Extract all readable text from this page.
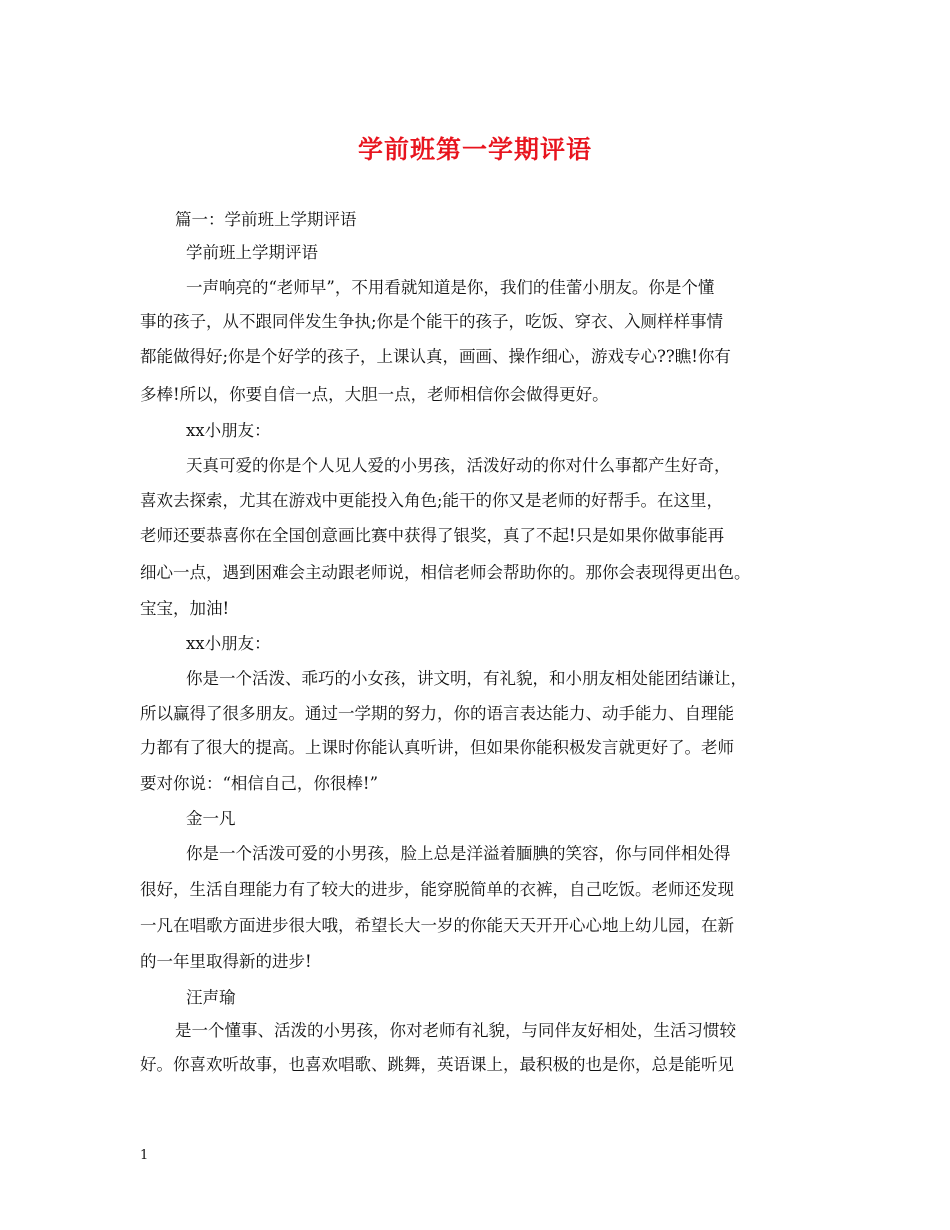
学前班第一学期评语

篇一：学前班上学期评语

学前班上学期评语

一声响亮的“老师早”，不用看就知道是你，我们的佳蕾小朋友。你是个懂

事的孩子，从不跟同伴发生争执;你是个能干的孩子，吃饭、穿衣、入厕样样事情

都能做得好;你是个好学的孩子，上课认真，画画、操作细心，游戏专心??瞧!你有

多棒!所以，你要自信一点，大胆一点，老师相信你会做得更好。

xx小朋友：

天真可爱的你是个人见人爱的小男孩，活泼好动的你对什么事都产生好奇，

喜欢去探索，尤其在游戏中更能投入角色;能干的你又是老师的好帮手。在这里，

老师还要恭喜你在全国创意画比赛中获得了银奖，真了不起!只是如果你做事能再

细心一点，遇到困难会主动跟老师说，相信老师会帮助你的。那你会表现得更出色。

宝宝，加油!

xx小朋友：

你是一个活泼、乖巧的小女孩，讲文明，有礼貌，和小朋友相处能团结谦让，

所以赢得了很多朋友。通过一学期的努力，你的语言表达能力、动手能力、自理能

力都有了很大的提高。上课时你能认真听讲，但如果你能积极发言就更好了。老师

要对你说：“相信自己，你很棒!”

金一凡

你是一个活泼可爱的小男孩，脸上总是洋溢着腼腆的笑容，你与同伴相处得

很好，生活自理能力有了较大的进步，能穿脱简单的衣裤，自己吃饭。老师还发现

一凡在唱歌方面进步很大哦，希望长大一岁的你能天天开开心心地上幼儿园，在新

的一年里取得新的进步!

汪声瑜

是一个懂事、活泼的小男孩，你对老师有礼貌，与同伴友好相处，生活习惯较

好。你喜欢听故事，也喜欢唱歌、跳舞，英语课上，最积极的也是你，总是能听见

1
